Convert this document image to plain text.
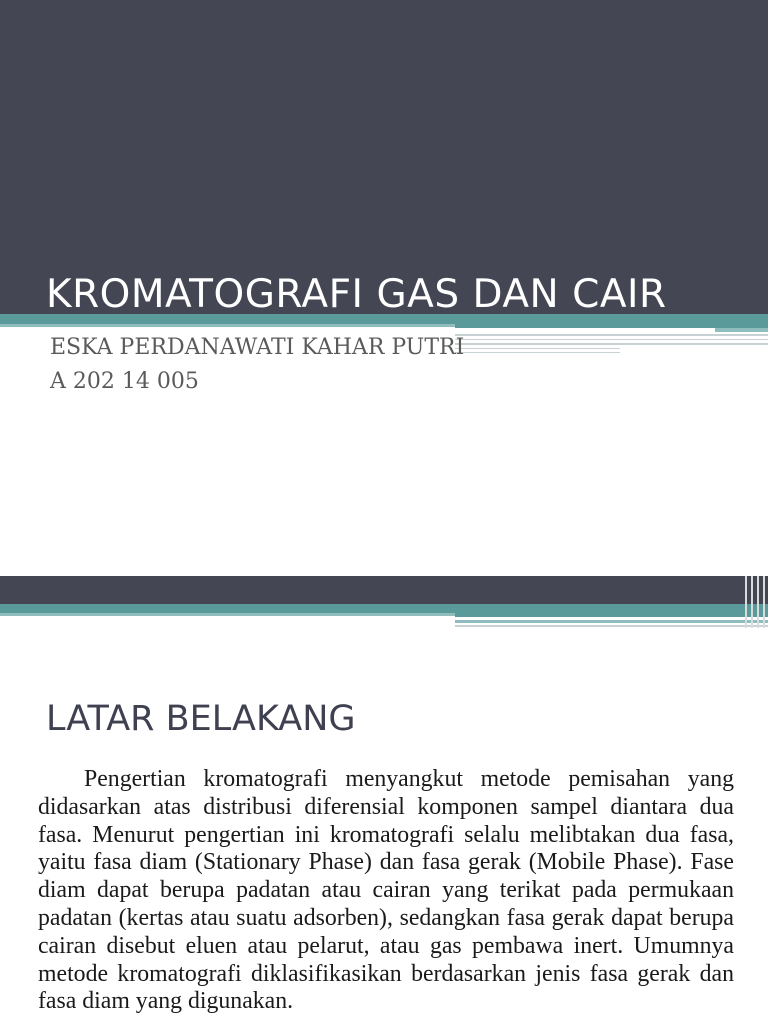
KROMATOGRAFI GAS DAN CAIR
ESKA PERDANAWATI KAHAR PUTRI
A 202 14 005
LATAR BELAKANG

Pengertian kromatografi menyangkut metode pemisahan yang didasarkan atas distribusi diferensial komponen sampel diantara dua fasa. Menurut pengertian ini kromatografi selalu melibtakan dua fasa, yaitu fasa diam (Stationary Phase) dan fasa gerak (Mobile Phase). Fase diam dapat berupa padatan atau cairan yang terikat pada permukaan padatan (kertas atau suatu adsorben), sedangkan fasa gerak dapat berupa cairan disebut eluen atau pelarut, atau gas pembawa inert. Umumnya metode kromatografi diklasifikasikan berdasarkan jenis fasa gerak dan fasa diam yang digunakan.
